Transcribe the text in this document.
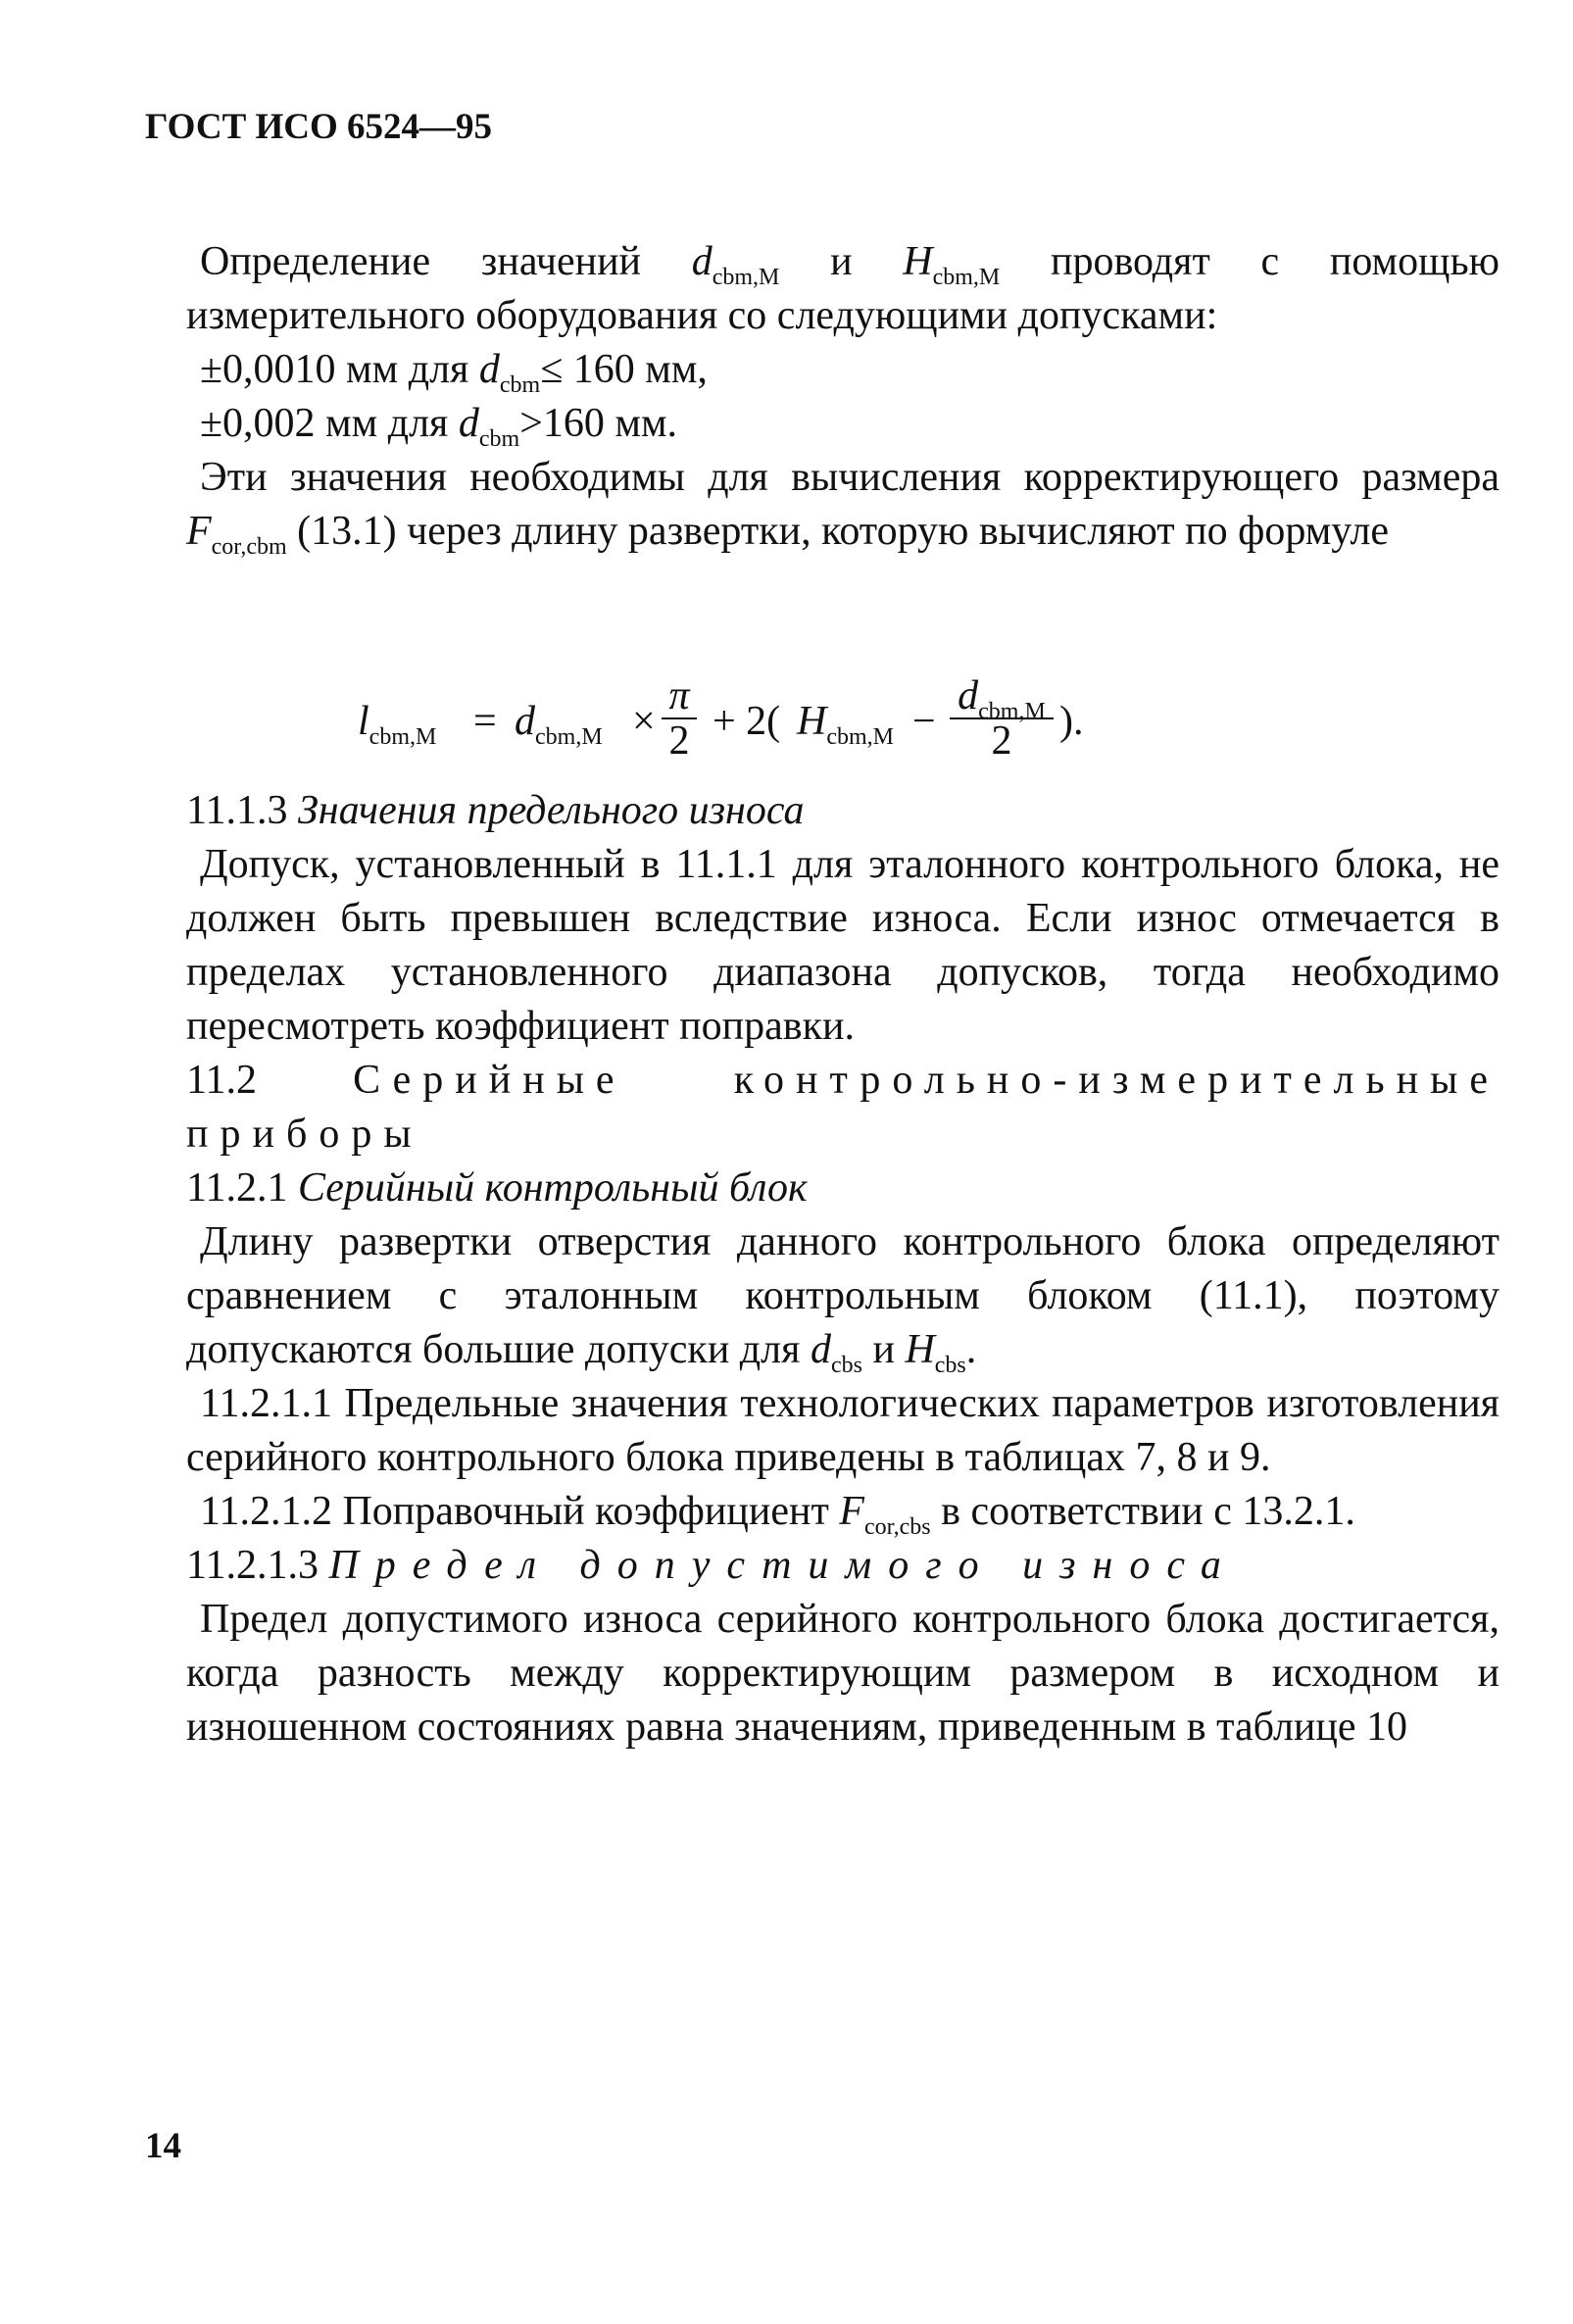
ГОСТ ИСО 6524—95

Определение значений $d_{cbm,M}$ и $H_{cbm,M}$ проводят с помощью измерительного оборудования со следующими допусками:

±0,0010 мм для $d_{cbm}\le 160$ мм,

±0,002 мм для $d_{cbm}>160$ мм.

Эти значения необходимы для вычисления корректирующего размера $F_{cor,cbm}$ (13.1) через длину развертки, которую вычисляют по формуле

11.1.3 Значения предельного износа

Допуск, установленный в 11.1.1 для эталонного контрольного блока, не должен быть превышен вследствие износа. Если износ отмечается в пределах установленного диапазона допусков, тогда необходимо пересмотреть коэффициент поправки.

11.2 Серийные контрольно-измерительные приборы

11.2.1 Серийный контрольный блок

Длину развертки отверстия данного контрольного блока определяют сравнением с эталонным контрольным блоком (11.1), поэтому допускаются большие допуски для $d_{cbs}$ и $H_{cbs}$.

11.2.1.1 Предельные значения технологических параметров изготовления серийного контрольного блока приведены в таблицах 7, 8 и 9.

11.2.1.2 Поправочный коэффициент $F_{cor,cbs}$ в соответствии с 13.2.1.

11.2.1.3 Предел допустимого износа

Предел допустимого износа серийного контрольного блока достигается, когда разность между корректирующим размером в исходном и изношенном состояниях равна значениям, приведенным в таблице 10

$l_{cbm,M} = d_{cbm,M}$ ×
π
2 + 2( $H_{cbm,M}$ −
$d_{cbm,M}$
2	).
14
